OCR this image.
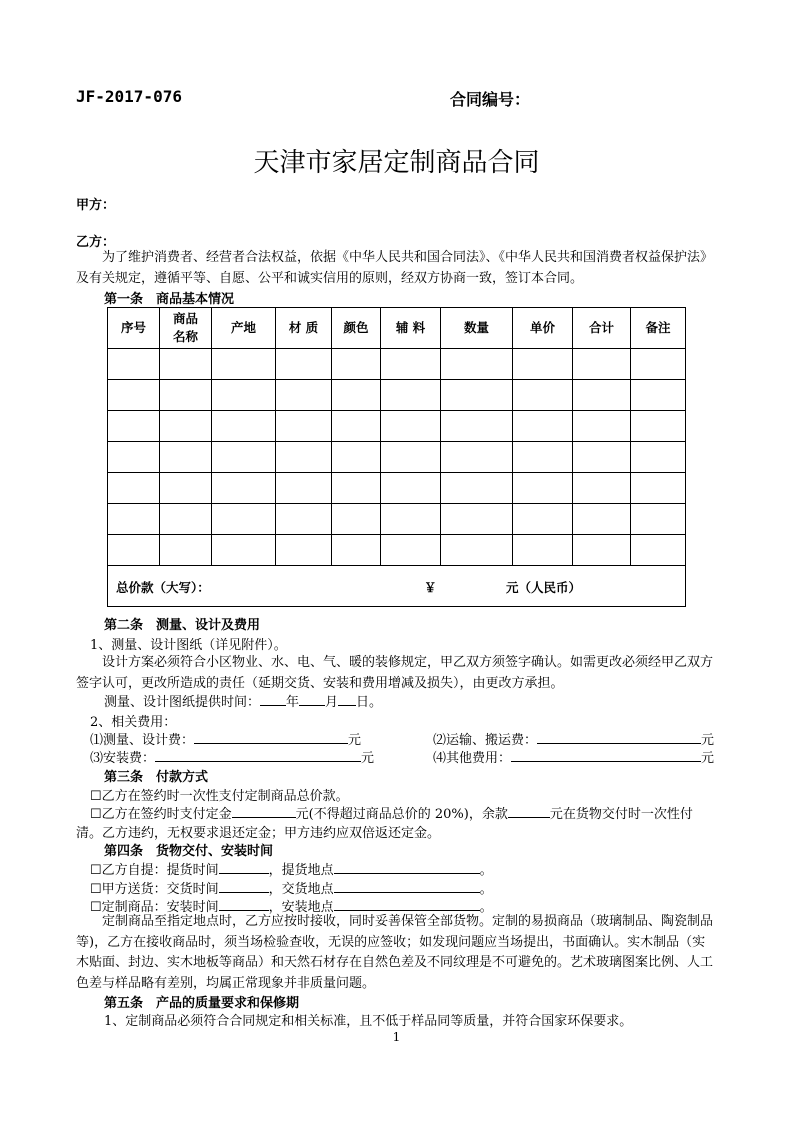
JF-2017-076	合同编号：
天津市家居定制商品合同
甲方：
乙方：
为了维护消费者、经营者合法权益，依据《中华人民共和国合同法》、《中华人民共和国消费者权益保护法》及有关规定，遵循平等、自愿、公平和诚实信用的原则，经双方协商一致，签订本合同。
第一条　商品基本情况
序号	商品名称	产地	材 质	颜色	辅 料	数量	单价	合计	备注

总价款（大写）： ￥ 元（人民币）									
第二条　测量、设计及费用
1、测量、设计图纸（详见附件）。
设计方案必须符合小区物业、水、电、气、暖的装修规定，甲乙双方须签字确认。如需更改必须经甲乙双方签字认可，更改所造成的责任（延期交货、安装和费用增减及损失），由更改方承担。
测量、设计图纸提供时间： 年 月 日。
2、相关费用：
⑴测量、设计费：	元	⑵运输、搬运费：	元
⑶安装费：	元	⑷其他费用：	元
第三条　付款方式
☐乙方在签约时一次性支付定制商品总价款。
☐乙方在签约时支付定金	元(不得超过商品总价的 20%)，余款	元在货物交付时一次性付
清。乙方违约，无权要求退还定金；甲方违约应双倍返还定金。
第四条　货物交付、安装时间
☐乙方自提：提货时间	，提货地点	。
☐甲方送货：交货时间	，交货地点	。
☐定制商品：安装时间	，安装地点	。
定制商品至指定地点时，乙方应按时接收，同时妥善保管全部货物。定制的易损商品（玻璃制品、陶瓷制品等)，乙方在接收商品时，须当场检验查收，无误的应签收；如发现问题应当场提出，书面确认。实木制品（实木贴面、封边、实木地板等商品）和天然石材存在自然色差及不同纹理是不可避免的。艺术玻璃图案比例、人工色差与样品略有差别，均属正常现象并非质量问题。
第五条　产品的质量要求和保修期
1、定制商品必须符合合同规定和相关标准，且不低于样品同等质量，并符合国家环保要求。
1
